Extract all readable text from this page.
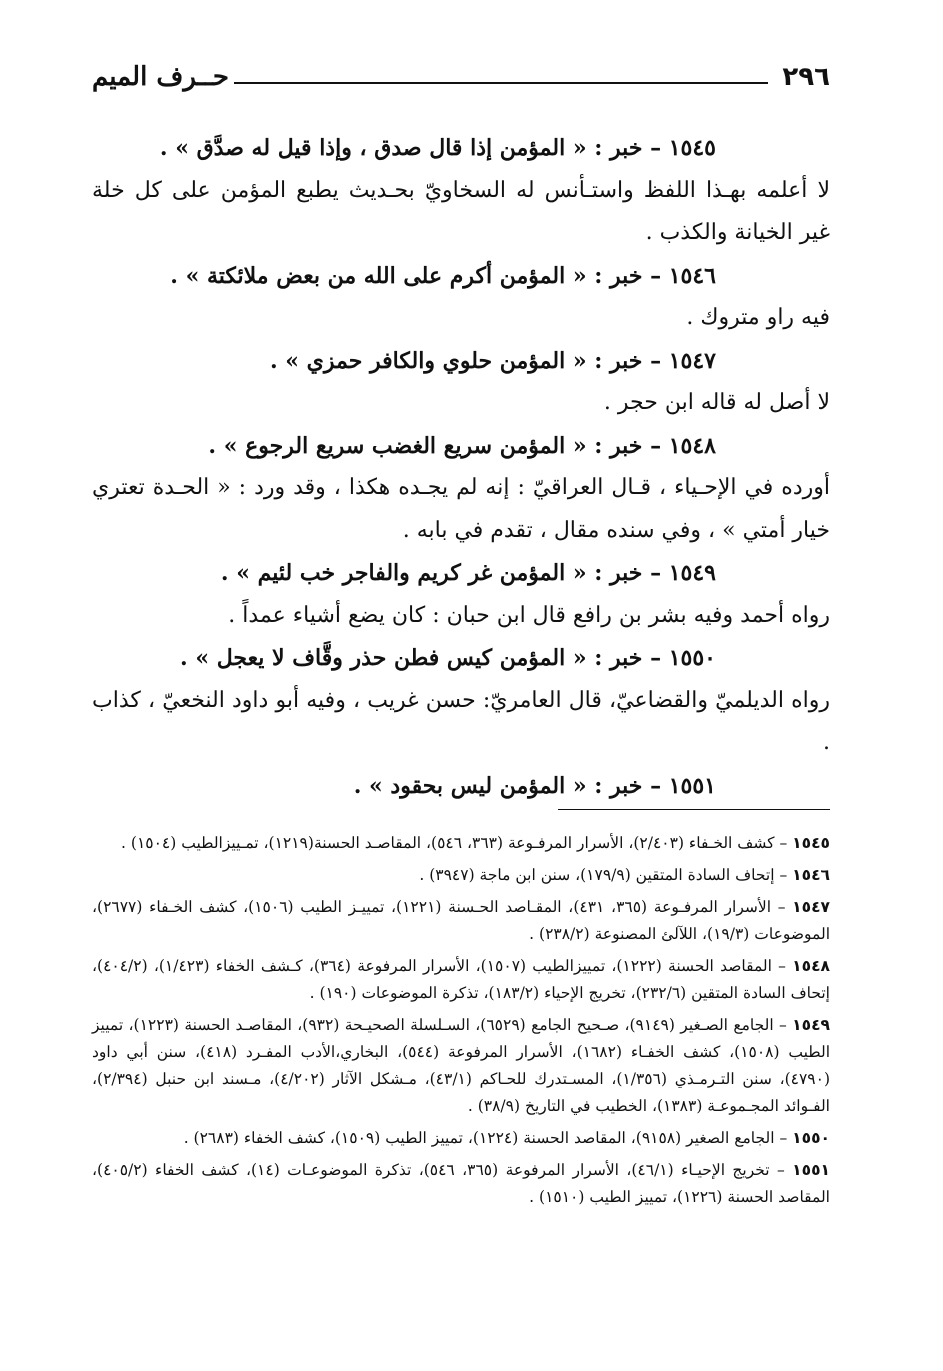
٢٩٦
حــرف الميم

١٥٤٥ – خبر : « المؤمن إذا قال صدق ، وإذا قيل له صدَّق » .

لا أعلمه بهـذا اللفظ واستـأنس له السخاويّ بحـديث يطبع المؤمن على كل خلة غير الخيانة والكذب .

١٥٤٦ – خبر : « المؤمن أكرم على الله من بعض ملائكتة » .

فيه راو متروك .

١٥٤٧ – خبر : « المؤمن حلوي والكافر حمزي » .

لا أصل له قاله ابن حجر .

١٥٤٨ – خبر : « المؤمن سريع الغضب سريع الرجوع » .

أورده في الإحـياء ، قـال العراقيّ : إنه لم يجـده هكذا ، وقد ورد : « الحـدة تعتري خيار أمتي » ، وفي سنده مقال ، تقدم في بابه .

١٥٤٩ – خبر : « المؤمن غر كريم والفاجر خب لئيم » .

رواه أحمد وفيه بشر بن رافع قال ابن حبان : كان يضع أشياء عمداً .

١٥٥٠ – خبر : « المؤمن كيس فطن حذر وقَّاف لا يعجل » .

رواه الديلميّ والقضاعيّ، قال العامريّ: حسن غريب ، وفيه أبو داود النخعيّ ، كذاب .

١٥٥١ – خبر : « المؤمن ليس بحقود » .

١٥٤٥ – كشف الخـفاء (٢/٤٠٣)، الأسرار المرفـوعة (٣٦٣، ٥٤٦)، المقاصـد الحسنة(١٢١٩)، تمـييزالطيب (١٥٠٤) .

١٥٤٦ – إتحاف السادة المتقين (١٧٩/٩)، سنن ابن ماجة (٣٩٤٧) .

١٥٤٧ – الأسرار المرفـوعة (٣٦٥، ٤٣١)، المقـاصد الحـسنة (١٢٢١)، تمييـز الطيب (١٥٠٦)، كشف الخـفاء (٢٦٧٧)، الموضوعات (١٩/٣)، اللآلئ المصنوعة (٢٣٨/٢) .

١٥٤٨ – المقاصد الحسنة (١٢٢٢)، تمييزالطيب (١٥٠٧)، الأسرار المرفوعة (٣٦٤)، كـشف الخفاء (١/٤٢٣)، (٤٠٤/٢)، إتحاف السادة المتقين (٢٣٢/٦)، تخريج الإحياء (١٨٣/٢)، تذكرة الموضوعات (١٩٠) .

١٥٤٩ – الجامع الصـغير (٩١٤٩)، صـحيح الجامع (٦٥٢٩)، السـلسلة الصحيـحة (٩٣٢)، المقاصـد الحسنة (١٢٢٣)، تمييز الطيب (١٥٠٨)، كشف الخفـاء (١٦٨٢)، الأسرار المرفوعة (٥٤٤)، البخاري،الأدب المفـرد (٤١٨)، سنن أبي داود (٤٧٩٠)، سنن التـرمـذي (١/٣٥٦)، المسـتدرك للحـاكم (٤٣/١)، مـشكل الآثار (٤/٢٠٢)، مـسند ابن حنبل (٢/٣٩٤)، الفـوائد المجـموعـة (١٣٨٣)، الخطيب في التاريخ (٣٨/٩) .

١٥٥٠ – الجامع الصغير (٩١٥٨)، المقاصد الحسنة (١٢٢٤)، تمييز الطيب (١٥٠٩)، كشف الخفاء (٢٦٨٣) .

١٥٥١ – تخريج الإحيـاء (٤٦/١)، الأسرار المرفوعة (٣٦٥، ٥٤٦)، تذكرة الموضوعـات (١٤)، كشف الخفاء (٤٠٥/٢)، المقاصد الحسنة (١٢٢٦)، تمييز الطيب (١٥١٠) .
